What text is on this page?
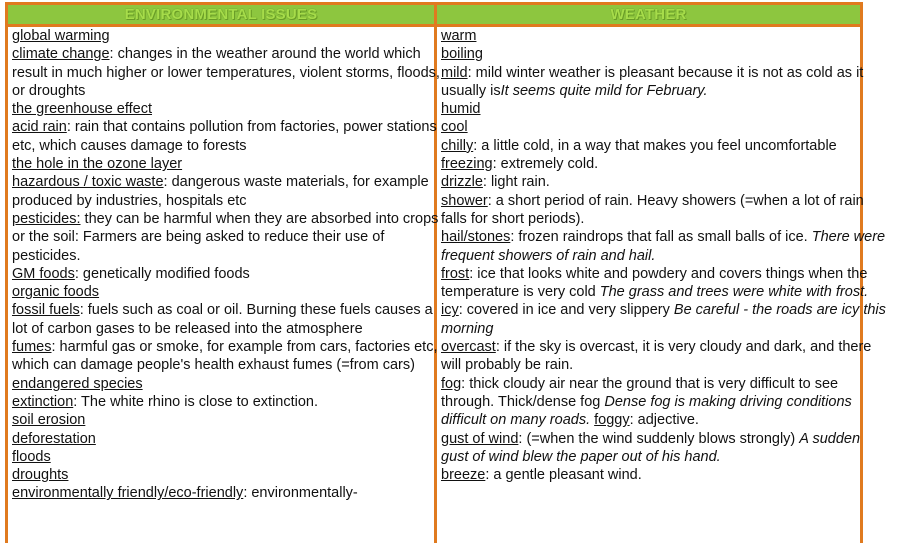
ENVIRONMENTAL ISSUES	WEATHER

global warming

climate change: changes in the weather around the world which result in much higher or lower temperatures, violent storms, floods, or droughts

the greenhouse effect

acid rain: rain that contains pollution from factories, power stations etc, which causes damage to forests

the hole in the ozone layer

hazardous / toxic waste: dangerous waste materials, for example produced by industries, hospitals etc

pesticides: they can be harmful when they are absorbed into crops or the soil: Farmers are being asked to reduce their use of pesticides.

GM foods: genetically modified foods

organic foods

fossil fuels: fuels such as coal or oil. Burning these fuels causes a lot of carbon gases to be released into the atmosphere

fumes: harmful gas or smoke, for example from cars, factories etc, which can damage people's health exhaust fumes (=from cars)

endangered species

extinction: The white rhino is close to extinction.

soil erosion

deforestation

floods

droughts

environmentally friendly/eco-friendly: environmentally-

warm

boiling

mild: mild winter weather is pleasant because it is not as cold as it usually isIt seems quite mild for February.

humid

cool

chilly: a little cold, in a way that makes you feel uncomfortable

freezing: extremely cold.

drizzle: light rain.

shower: a short period of rain. Heavy showers (=when a lot of rain falls for short periods).

hail/stones: frozen raindrops that fall as small balls of ice. There were frequent showers of rain and hail.

frost: ice that looks white and powdery and covers things when the temperature is very cold The grass and trees were white with frost.

icy: covered in ice and very slippery Be careful - the roads are icy this morning

overcast: if the sky is overcast, it is very cloudy and dark, and there will probably be rain.

fog: thick cloudy air near the ground that is very difficult to see through. Thick/dense fog Dense fog is making driving conditions difficult on many roads. foggy: adjective.

gust of wind: (=when the wind suddenly blows strongly) A sudden gust of wind blew the paper out of his hand.

breeze: a gentle pleasant wind.
